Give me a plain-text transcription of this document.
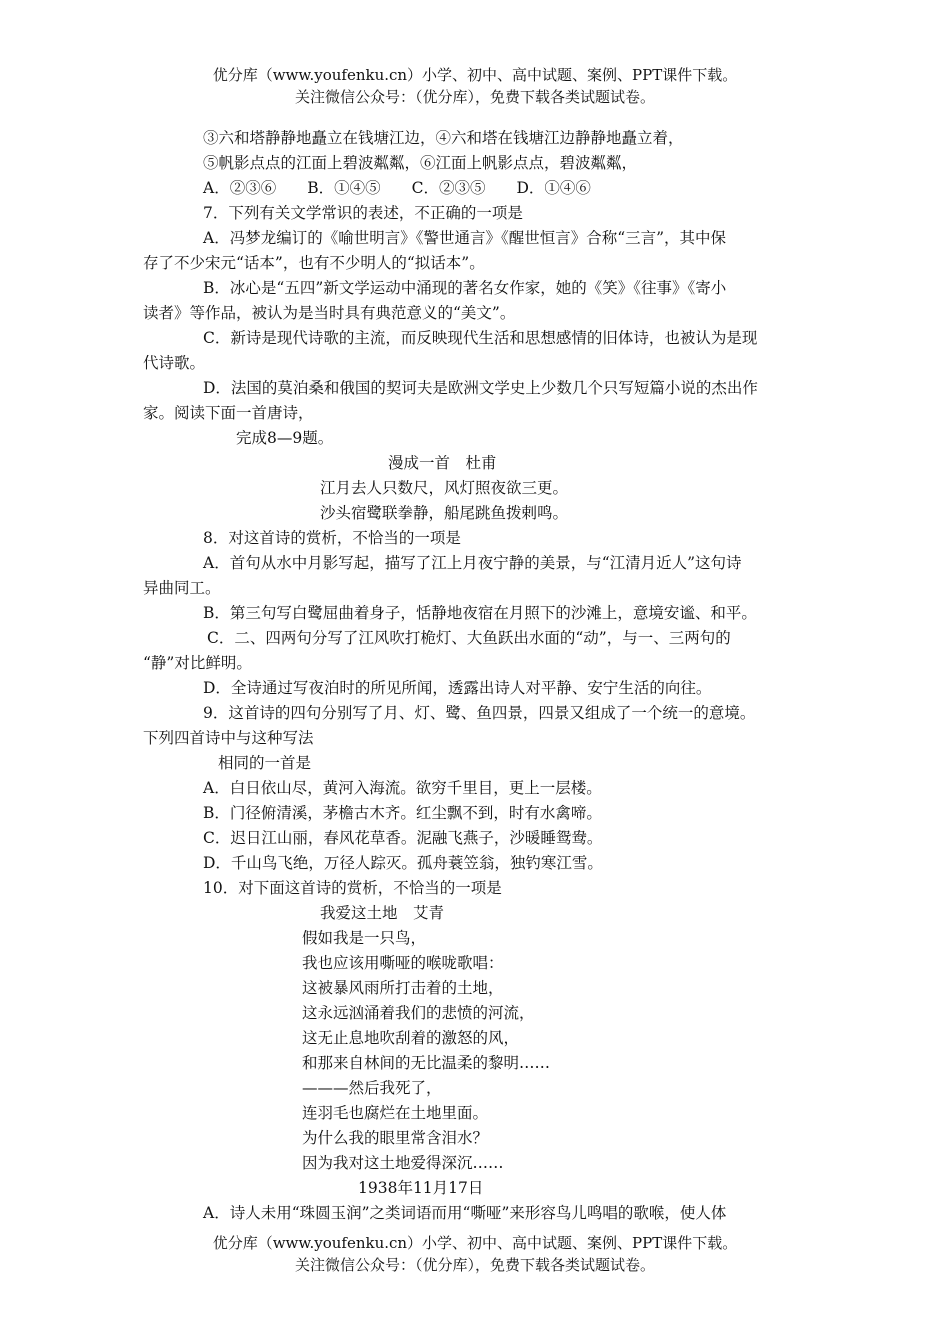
优分库（www.youfenku.cn）小学、初中、高中试题、案例、PPT课件下载。

关注微信公众号：（优分库），免费下载各类试题试卷。

③六和塔静静地矗立在钱塘江边，④六和塔在钱塘江边静静地矗立着，

⑤帆影点点的江面上碧波粼粼，⑥江面上帆影点点，碧波粼粼，

A．②③⑥　　B．①④⑤　　C．②③⑤　　D．①④⑥

7．下列有关文学常识的表述，不正确的一项是

A．冯梦龙编订的《喻世明言》《警世通言》《醒世恒言》合称“三言”，其中保

存了不少宋元“话本”，也有不少明人的“拟话本”。

B．冰心是“五四”新文学运动中涌现的著名女作家，她的《笑》《往事》《寄小

读者》等作品，被认为是当时具有典范意义的“美文”。

C．新诗是现代诗歌的主流，而反映现代生活和思想感情的旧体诗，也被认为是现

代诗歌。

D．法国的莫泊桑和俄国的契诃夫是欧洲文学史上少数几个只写短篇小说的杰出作

家。阅读下面一首唐诗，

完成8—9题。

漫成一首　杜甫

江月去人只数尺，风灯照夜欲三更。

沙头宿鹭联拳静，船尾跳鱼拨剌鸣。

8．对这首诗的赏析，不恰当的一项是

A．首句从水中月影写起，描写了江上月夜宁静的美景，与“江清月近人”这句诗

异曲同工。

B．第三句写白鹭屈曲着身子，恬静地夜宿在月照下的沙滩上，意境安谧、和平。

C．二、四两句分写了江风吹打桅灯、大鱼跃出水面的“动”，与一、三两句的

“静”对比鲜明。

D．全诗通过写夜泊时的所见所闻，透露出诗人对平静、安宁生活的向往。

9．这首诗的四句分别写了月、灯、鹭、鱼四景，四景又组成了一个统一的意境。

下列四首诗中与这种写法

相同的一首是

A．白日依山尽，黄河入海流。欲穷千里目，更上一层楼。

B．门径俯清溪，茅檐古木齐。红尘飘不到，时有水禽啼。

C．迟日江山丽，春风花草香。泥融飞燕子，沙暖睡鸳鸯。

D．千山鸟飞绝，万径人踪灭。孤舟蓑笠翁，独钓寒江雪。

10．对下面这首诗的赏析，不恰当的一项是

我爱这土地　艾青

假如我是一只鸟，

我也应该用嘶哑的喉咙歌唱：

这被暴风雨所打击着的土地，

这永远汹涌着我们的悲愤的河流，

这无止息地吹刮着的激怒的风，

和那来自林间的无比温柔的黎明……

———然后我死了，

连羽毛也腐烂在土地里面。

为什么我的眼里常含泪水？

因为我对这土地爱得深沉……

1938年11月17日

A．诗人未用“珠圆玉润”之类词语而用“嘶哑”来形容鸟儿鸣唱的歌喉，使人体

优分库（www.youfenku.cn）小学、初中、高中试题、案例、PPT课件下载。

关注微信公众号：（优分库），免费下载各类试题试卷。
